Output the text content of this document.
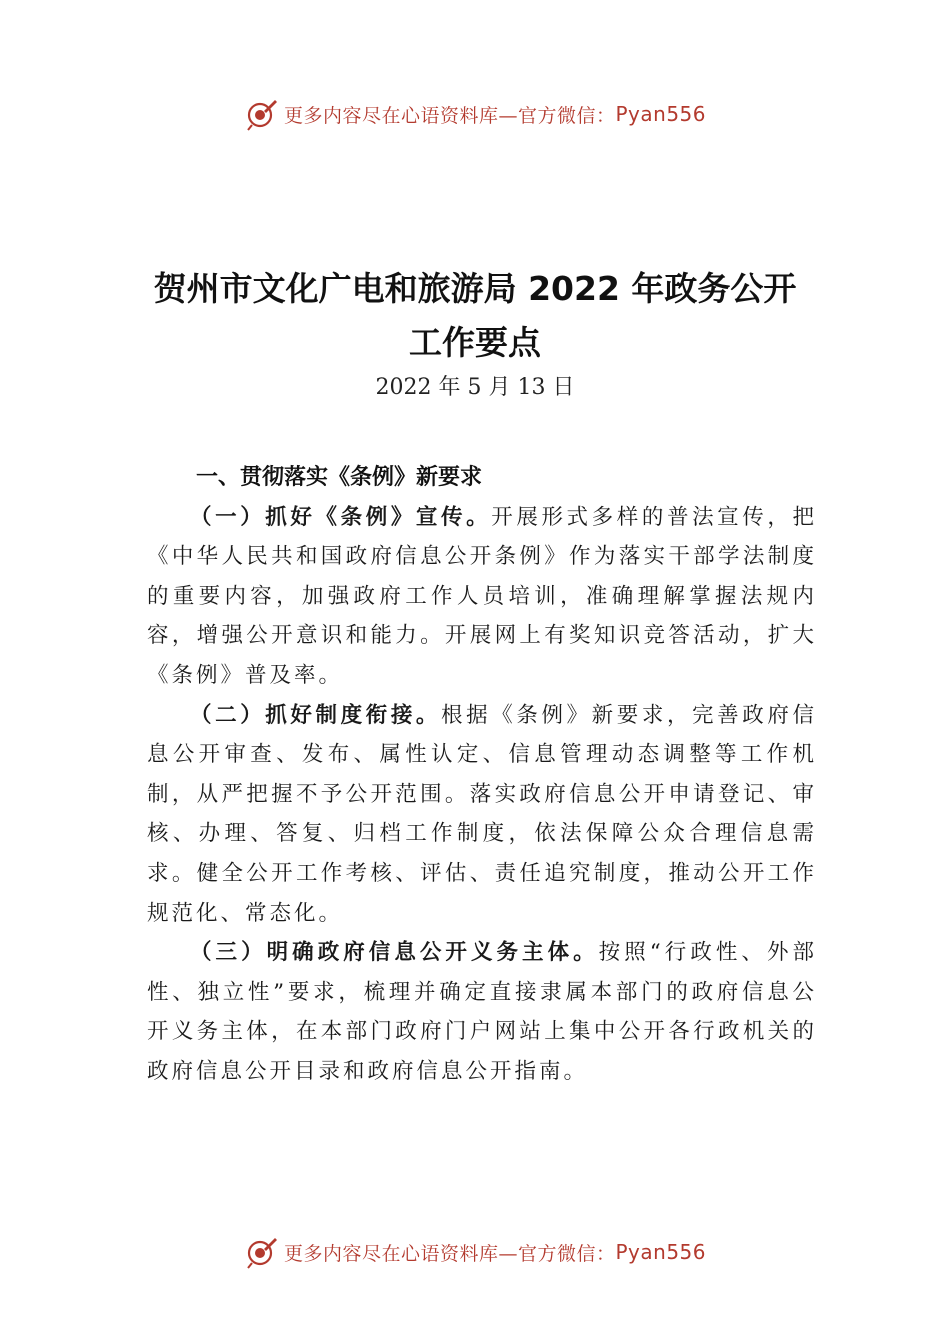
更多内容尽在心语资料库—官方微信： Pyan556
贺州市文化广电和旅游局 2022 年政务公开
工作要点
2022 年 5 月 13 日

一、贯彻落实《条例》新要求

（一）抓好《条例》宣传。开展形式多样的普法宣传，把《中华人民共和国政府信息公开条例》作为落实干部学法制度的重要内容，加强政府工作人员培训，准确理解掌握法规内容，增强公开意识和能力。开展网上有奖知识竞答活动，扩大《条例》普及率。

（二）抓好制度衔接。根据《条例》新要求，完善政府信息公开审查、发布、属性认定、信息管理动态调整等工作机制，从严把握不予公开范围。落实政府信息公开申请登记、审核、办理、答复、归档工作制度，依法保障公众合理信息需求。健全公开工作考核、评估、责任追究制度，推动公开工作规范化、常态化。

（三）明确政府信息公开义务主体。按照“行政性、外部性、独立性”要求，梳理并确定直接隶属本部门的政府信息公开义务主体，在本部门政府门户网站上集中公开各行政机关的政府信息公开目录和政府信息公开指南。

更多内容尽在心语资料库—官方微信： Pyan556
